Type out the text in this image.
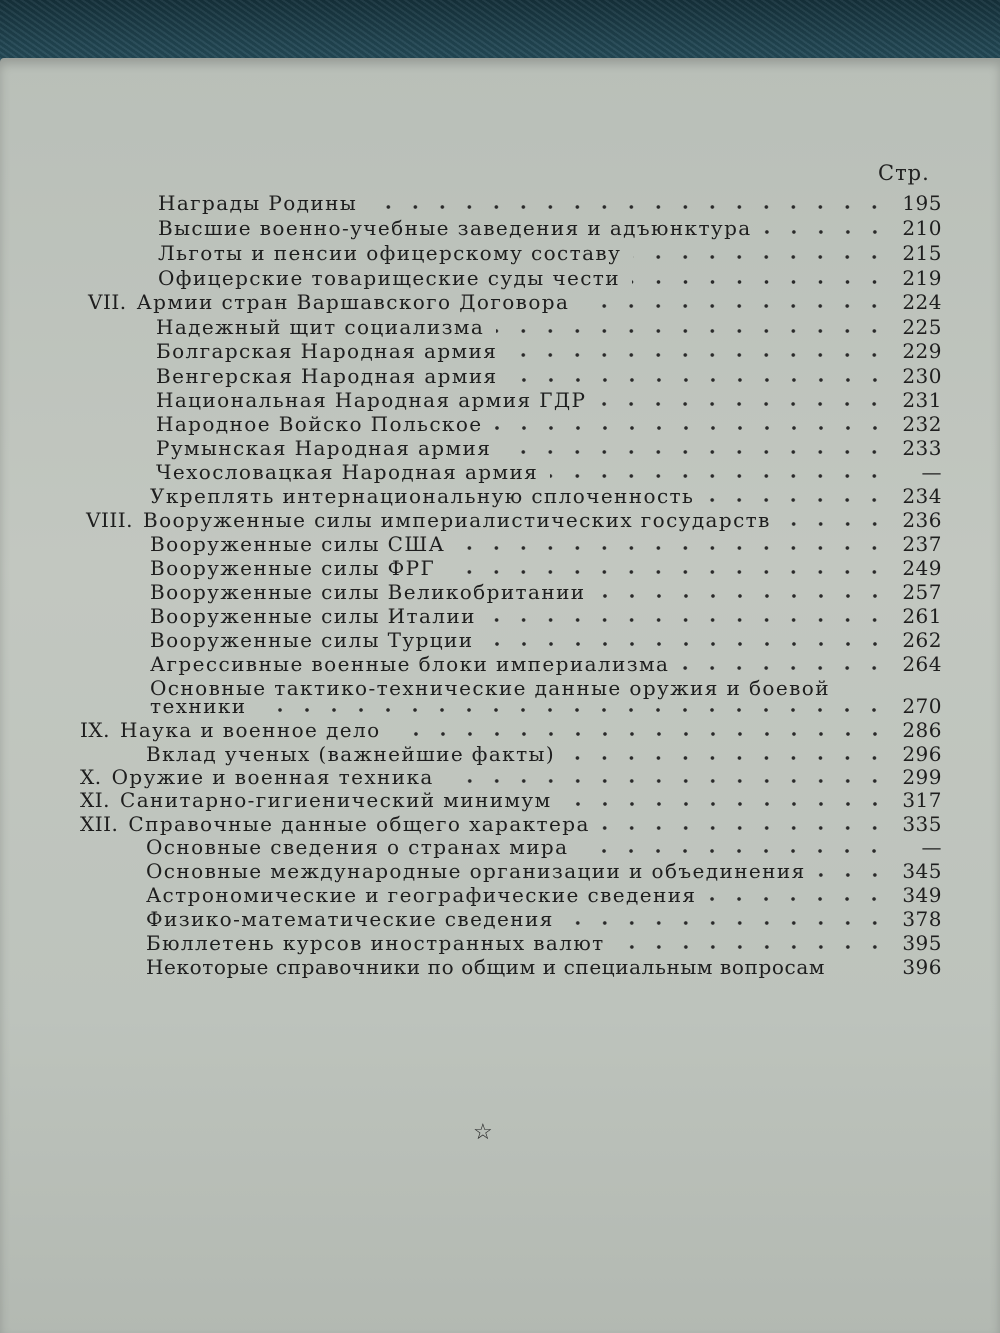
Стр.
Награды Родины	195
Высшие военно-учебные заведения и адъюнктура	210
Льготы и пенсии офицерскому составу	215
Офицерские товарищеские суды чести	219
VII. Армии стран Варшавского Договора	224
Надежный щит социализма	225
Болгарская Народная армия	229
Венгерская Народная армия	230
Национальная Народная армия ГДР	231
Народное Войско Польское	232
Румынская Народная армия	233
Чехословацкая Народная армия	—
Укреплять интернациональную сплоченность	234
VIII. Вооруженные силы империалистических государств	236
Вооруженные силы США	237
Вооруженные силы ФРГ	249
Вооруженные силы Великобритании	257
Вооруженные силы Италии	261
Вооруженные силы Турции	262
Агрессивные военные блоки империализма	264
Основные тактико-технические данные оружия и боевой
техники	270
IX. Наука и военное дело	286
Вклад ученых (важнейшие факты)	296
X. Оружие и военная техника	299
XI. Санитарно-гигиенический минимум	317
XII. Справочные данные общего характера	335
Основные сведения о странах мира	—
Основные международные организации и объединения	345
Астрономические и географические сведения	349
Физико-математические сведения	378
Бюллетень курсов иностранных валют	395
Некоторые справочники по общим и специальным вопросам	396
☆
